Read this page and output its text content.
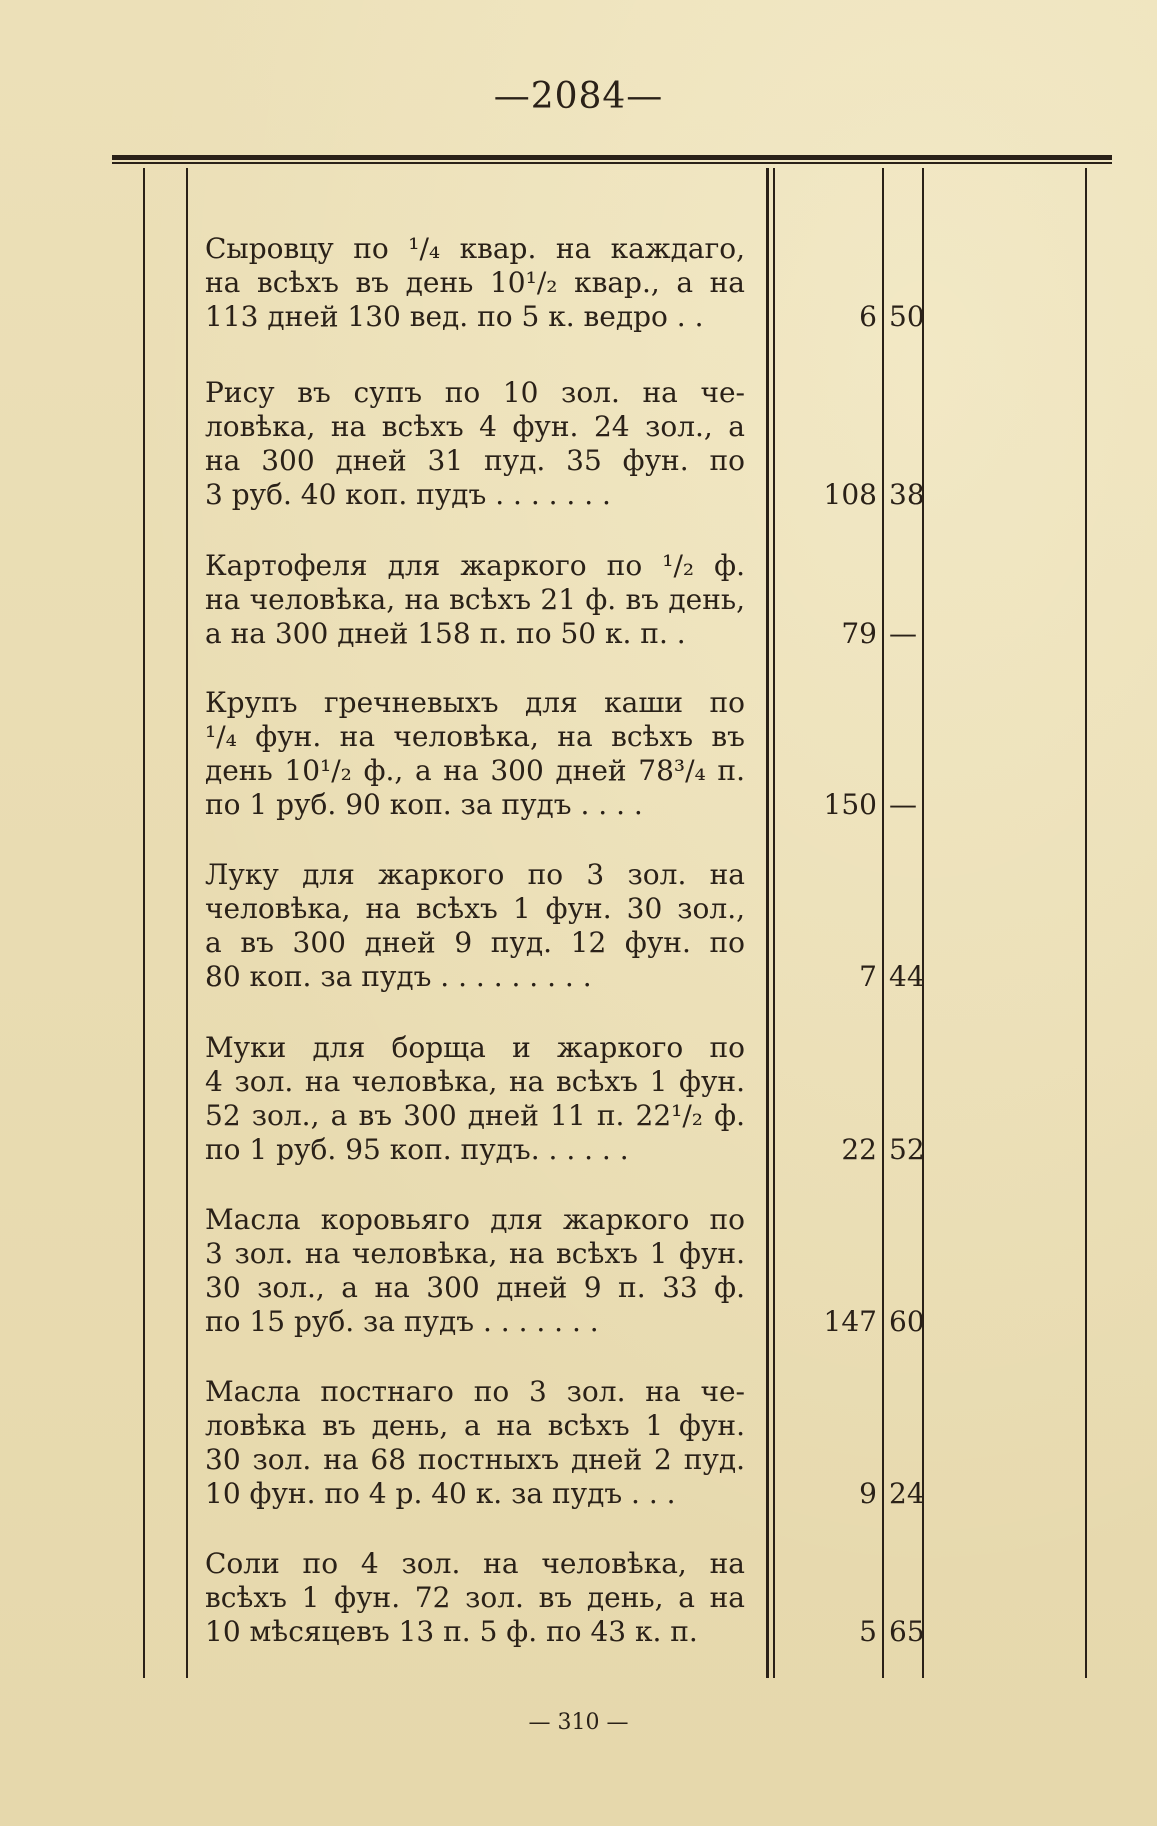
—2084—
Сыровцу по ¹/₄ квар. на каждаго,
на всѣхъ въ день 10¹/₂ квар., а на
113 дней 130 вед. по 5 к. ведро . .	6 50
Рису въ супъ по 10 зол. на че-
ловѣка, на всѣхъ 4 фун. 24 зол., а
на 300 дней 31 пуд. 35 фун. по
3 руб. 40 коп. пудъ . . . . . . .	108 38
Картофеля для жаркого по ¹/₂ ф.
на человѣка, на всѣхъ 21 ф. въ день,
а на 300 дней 158 п. по 50 к. п. .	79 —
Крупъ гречневыхъ для каши по
¹/₄ фун. на человѣка, на всѣхъ въ
день 10¹/₂ ф., а на 300 дней 78³/₄ п.
по 1 руб. 90 коп. за пудъ . . . .	150 —
Луку для жаркого по 3 зол. на
человѣка, на всѣхъ 1 фун. 30 зол.,
а въ 300 дней 9 пуд. 12 фун. по
80 коп. за пудъ . . . . . . . . .	7 44
Муки для борща и жаркого по
4 зол. на человѣка, на всѣхъ 1 фун.
52 зол., а въ 300 дней 11 п. 22¹/₂ ф.
по 1 руб. 95 коп. пудъ. . . . . .	22 52
Масла коровьяго для жаркого по
3 зол. на человѣка, на всѣхъ 1 фун.
30 зол., а на 300 дней 9 п. 33 ф.
по 15 руб. за пудъ . . . . . . .	147 60
Масла постнаго по 3 зол. на че-
ловѣка въ день, а на всѣхъ 1 фун.
30 зол. на 68 постныхъ дней 2 пуд.
10 фун. по 4 р. 40 к. за пудъ . . .	9 24
Соли по 4 зол. на человѣка, на
всѣхъ 1 фун. 72 зол. въ день, а на
10 мѣсяцевъ 13 п. 5 ф. по 43 к. п.	5 65
— 310 —
